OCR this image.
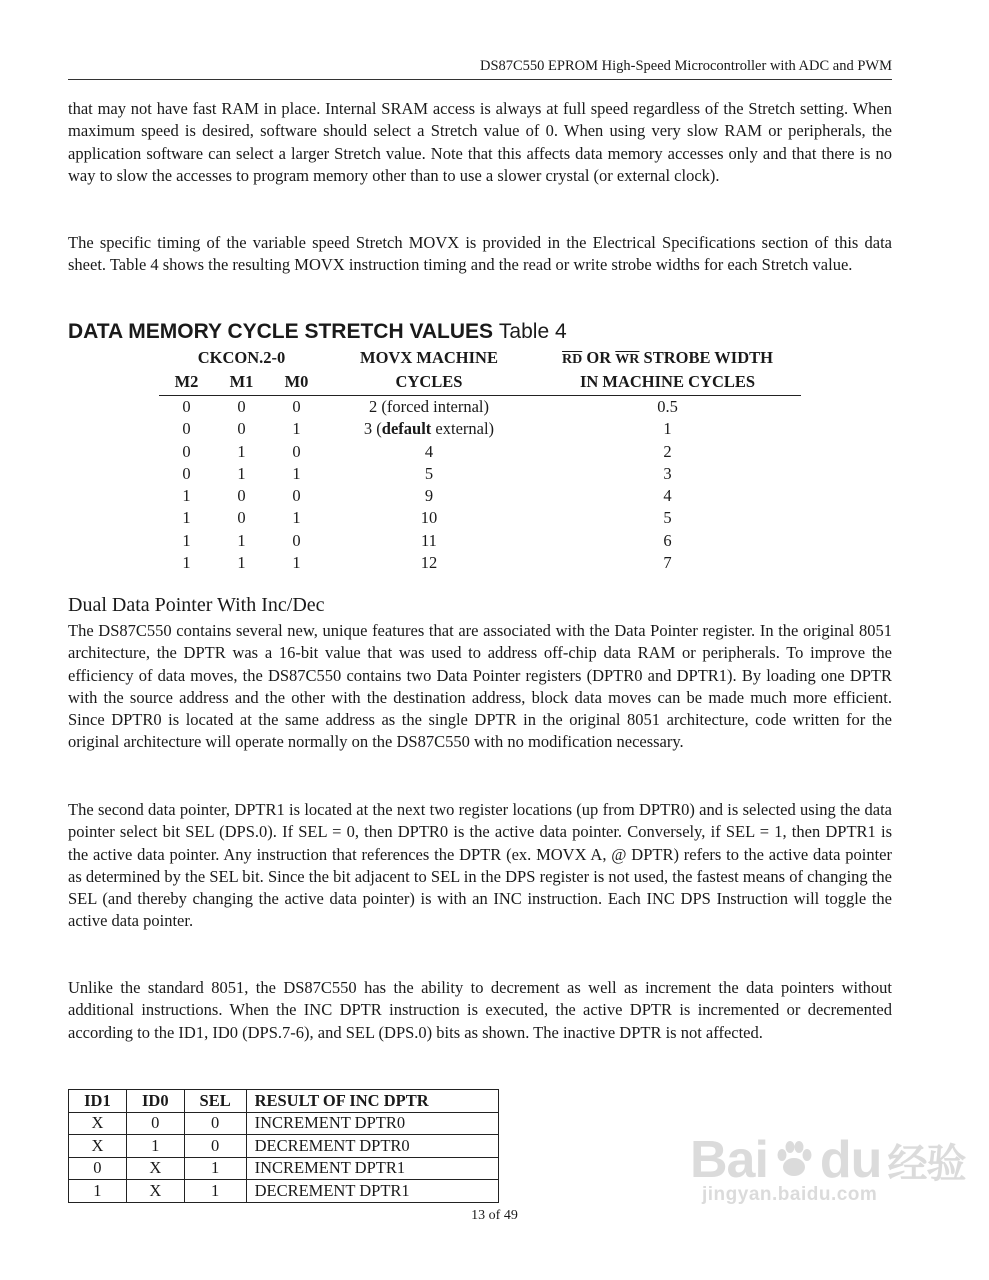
DS87C550 EPROM High-Speed Microcontroller with ADC and PWM
that may not have fast RAM in place. Internal SRAM access is always at full speed regardless of the Stretch setting. When maximum speed is desired, software should select a Stretch value of 0. When using very slow RAM or peripherals, the application software can select a larger Stretch value. Note that this affects data memory accesses only and that there is no way to slow the accesses to program memory other than to use a slower crystal (or external clock).
The specific timing of the variable speed Stretch MOVX is provided in the Electrical Specifications section of this data sheet. Table 4 shows the resulting MOVX instruction timing and the read or write strobe widths for each Stretch value.
DATA MEMORY CYCLE STRETCH VALUES Table 4
CKCON.2-0			MOVX MACHINE	$\overline{RD}$ OR $\overline{WR}$ STROBE WIDTH
M2	M1	M0	CYCLES	IN MACHINE CYCLES
0	0	0	2 (forced internal)	0.5
0	0	1	3 (default external)	1
0	1	0	4	2
0	1	1	5	3
1	0	0	9	4
1	0	1	10	5
1	1	0	11	6
1	1	1	12	7
Dual Data Pointer With Inc/Dec
The DS87C550 contains several new, unique features that are associated with the Data Pointer register. In the original 8051 architecture, the DPTR was a 16-bit value that was used to address off-chip data RAM or peripherals. To improve the efficiency of data moves, the DS87C550 contains two Data Pointer registers (DPTR0 and DPTR1). By loading one DPTR with the source address and the other with the destination address, block data moves can be made much more efficient. Since DPTR0 is located at the same address as the single DPTR in the original 8051 architecture, code written for the original architecture will operate normally on the DS87C550 with no modification necessary.
The second data pointer, DPTR1 is located at the next two register locations (up from DPTR0) and is selected using the data pointer select bit SEL (DPS.0). If SEL = 0, then DPTR0 is the active data pointer. Conversely, if SEL = 1, then DPTR1 is the active data pointer. Any instruction that references the DPTR (ex. MOVX A, @ DPTR) refers to the active data pointer as determined by the SEL bit. Since the bit adjacent to SEL in the DPS register is not used, the fastest means of changing the SEL (and thereby changing the active data pointer) is with an INC instruction. Each INC DPS Instruction will toggle the active data pointer.
Unlike the standard 8051, the DS87C550 has the ability to decrement as well as increment the data pointers without additional instructions. When the INC DPTR instruction is executed, the active DPTR is incremented or decremented according to the ID1, ID0 (DPS.7-6), and SEL (DPS.0) bits as shown. The inactive DPTR is not affected.
ID1	ID0	SEL	RESULT OF INC DPTR
X	0	0	INCREMENT DPTR0
X	1	0	DECREMENT DPTR0
0	X	1	INCREMENT DPTR1
1	X	1	DECREMENT DPTR1
13 of 49
Bai du 经验
jingyan.baidu.com
